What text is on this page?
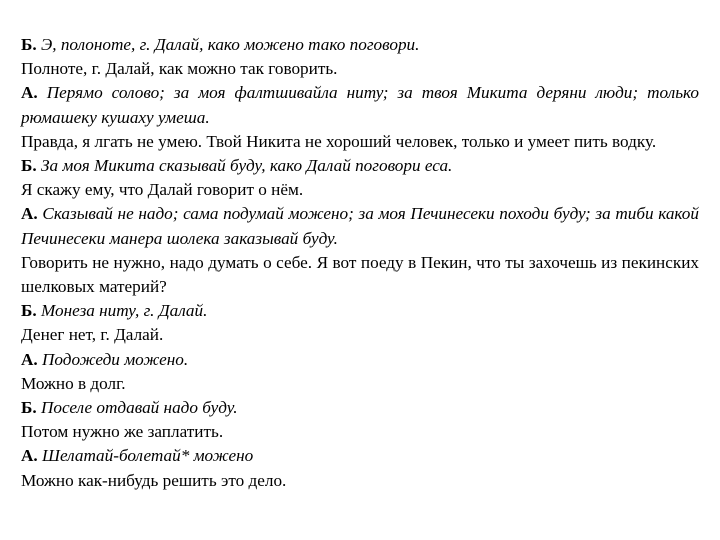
Б. Э, полоноте, г. Далай, како можено тако поговори.

Полноте, г. Далай, как можно так говорить.

А. Перямо солово; за моя фалтшивайла ниту; за твоя Микита деряни люди; только рюмашеку кушаху умеша.

Правда, я лгать не умею. Твой Никита не хороший человек, только и умеет пить водку.

Б. За моя Микита сказывай буду, како Далай поговори еса.

Я скажу ему, что Далай говорит о нём.

А. Сказывай не надо; сама подумай можено; за моя Печинесеки походи буду; за тиби какой Печинесеки манера шолека заказывай буду.

Говорить не нужно, надо думать о себе. Я вот поеду в Пекин, что ты захочешь из пекинских шелковых материй?

Б. Монеза ниту, г. Далай.

Денег нет, г. Далай.

А. Подожеди можено.

Можно в долг.

Б. Поселе отдавай надо буду.

Потом нужно же заплатить.

А. Шелатай-болетай* можено

Можно как-нибудь решить это дело.
